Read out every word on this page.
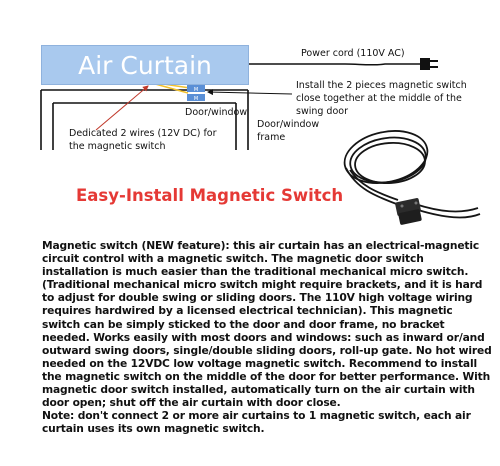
M
M
Air Curtain	Power cord (110V AC)
Install the 2 pieces magnetic switch
close together at the middle of the
swing door
Door/window
Door/window
frame
Dedicated 2 wires (12V DC) for
the magnetic switch
Easy-Install Magnetic Switch

Magnetic switch (NEW feature): this air curtain has an electrical-magnetic circuit control with a magnetic switch. The magnetic door switch installation is much easier than the traditional mechanical micro switch. (Traditional mechanical micro switch might require brackets, and it is hard to adjust for double swing or sliding doors. The 110V high voltage wiring requires hardwired by a licensed electrical technician). This magnetic switch can be simply sticked to the door and door frame, no bracket needed. Works easily with most doors and windows: such as inward or/and outward swing doors, single/double sliding doors, roll-up gate. No hot wired needed on the 12VDC low voltage magnetic switch. Recommend to install the magnetic switch on the middle of the door for better performance. With magnetic door switch installed, automatically turn on the air curtain with door open; shut off the air curtain with door close.

Note: don't connect 2 or more air curtains to 1 magnetic switch, each air curtain uses its own magnetic switch.
